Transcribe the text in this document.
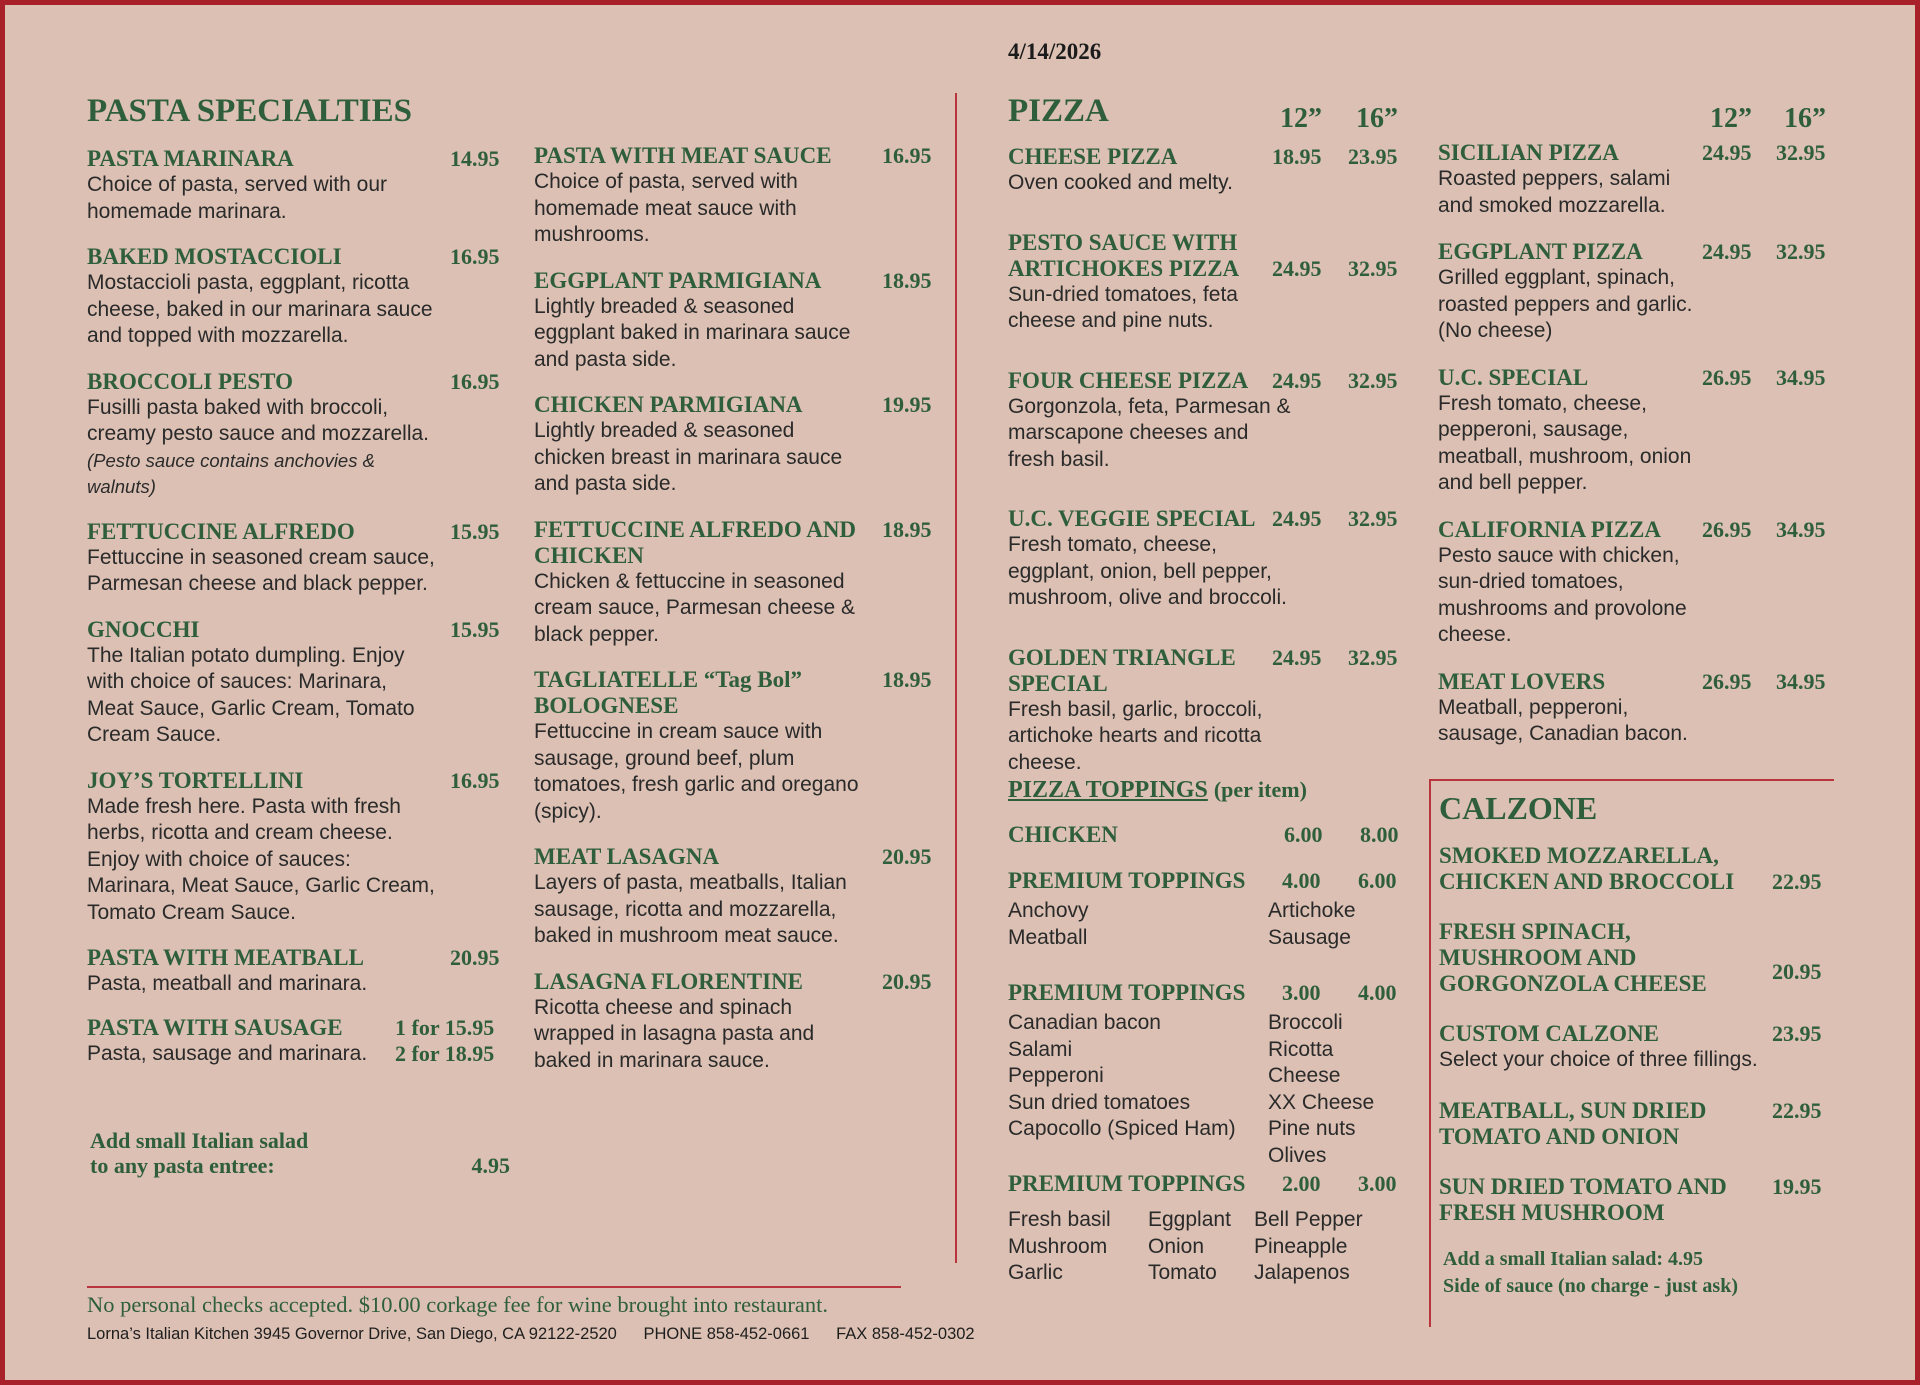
4/14/2026
PASTA SPECIALTIES
PASTA MARINARA	14.95
Choice of pasta, served with our homemade marinara.
BAKED MOSTACCIOLI	16.95
Mostaccioli pasta, eggplant, ricotta cheese, baked in our marinara sauce and topped with mozzarella.
BROCCOLI PESTO	16.95
Fusilli pasta baked with broccoli, creamy pesto sauce and mozzarella.
(Pesto sauce contains anchovies & walnuts)
FETTUCCINE ALFREDO	15.95
Fettuccine in seasoned cream sauce, Parmesan cheese and black pepper.
GNOCCHI	15.95
The Italian potato dumpling. Enjoy with choice of sauces: Marinara, Meat Sauce, Garlic Cream, Tomato Cream Sauce.
JOY’S TORTELLINI	16.95
Made fresh here. Pasta with fresh herbs, ricotta and cream cheese. Enjoy with choice of sauces: Marinara, Meat Sauce, Garlic Cream, Tomato Cream Sauce.
PASTA WITH MEATBALL	20.95
Pasta, meatball and marinara.
PASTA WITH SAUSAGE	1 for 15.95
Pasta, sausage and marinara.	2 for 18.95
Add small Italian salad
to any pasta entree:	4.95
PASTA WITH MEAT SAUCE	16.95
Choice of pasta, served with homemade meat sauce with mushrooms.
EGGPLANT PARMIGIANA	18.95
Lightly breaded & seasoned eggplant baked in marinara sauce and pasta side.
CHICKEN PARMIGIANA	19.95
Lightly breaded & seasoned chicken breast in marinara sauce and pasta side.
FETTUCCINE ALFREDO AND CHICKEN
18.95
Chicken & fettuccine in seasoned cream sauce, Parmesan cheese & black pepper.
TAGLIATELLE “Tag Bol” BOLOGNESE
18.95
Fettuccine in cream sauce with sausage, ground beef, plum tomatoes, fresh garlic and oregano (spicy).
MEAT LASAGNA	20.95
Layers of pasta, meatballs, Italian sausage, ricotta and mozzarella, baked in mushroom meat sauce.
LASAGNA FLORENTINE	20.95
Ricotta cheese and spinach wrapped in lasagna pasta and baked in marinara sauce.
No personal checks accepted. $10.00 corkage fee for wine brought into restaurant.
Lorna’s Italian Kitchen 3945 Governor Drive, San Diego, CA 92122-2520 PHONE 858-452-0661 FAX 858-452-0302
PIZZA	12” 16”
CHEESE PIZZA	18.95 23.95
Oven cooked and melty.
PESTO SAUCE WITH ARTICHOKES PIZZA	24.95 32.95
Sun-dried tomatoes, feta cheese and pine nuts.
FOUR CHEESE PIZZA	24.95 32.95
Gorgonzola, feta, Parmesan & marscapone cheeses and fresh basil.
U.C. VEGGIE SPECIAL 24.95 32.95
Fresh tomato, cheese, eggplant, onion, bell pepper, mushroom, olive and broccoli.
GOLDEN TRIANGLE SPECIAL
24.95 32.95
Fresh basil, garlic, broccoli, artichoke hearts and ricotta cheese.
12” 16”
SICILIAN PIZZA	24.95 32.95
Roasted peppers, salami and smoked mozzarella.
EGGPLANT PIZZA	24.95 32.95
Grilled eggplant, spinach, roasted peppers and garlic. (No cheese)
U.C. SPECIAL	26.95 34.95
Fresh tomato, cheese, pepperoni, sausage, meatball, mushroom, onion and bell pepper.
CALIFORNIA PIZZA	26.95 34.95
Pesto sauce with chicken, sun-dried tomatoes, mushrooms and provolone cheese.
MEAT LOVERS	26.95 34.95
Meatball, pepperoni, sausage, Canadian bacon.
PIZZA TOPPINGS (per item)
CHICKEN	6.00 8.00
PREMIUM TOPPINGS 4.00 6.00
Anchovy
Meatball
Artichoke
Sausage
PREMIUM TOPPINGS 3.00 4.00
Canadian bacon
Salami
Pepperoni
Sun dried tomatoes
Capocollo (Spiced Ham)
Broccoli
Ricotta Cheese
XX Cheese
Pine nuts
Olives
PREMIUM TOPPINGS 2.00 3.00
Fresh basil
Mushroom
Garlic
Eggplant
Onion
Tomato
Bell Pepper
Pineapple
Jalapenos
CALZONE
SMOKED MOZZARELLA, CHICKEN AND BROCCOLI	22.95
FRESH SPINACH, MUSHROOM AND GORGONZOLA CHEESE	20.95
CUSTOM CALZONE	23.95
Select your choice of three fillings.
MEATBALL, SUN DRIED TOMATO AND ONION
22.95
SUN DRIED TOMATO AND FRESH MUSHROOM
19.95
Add a small Italian salad: 4.95
Side of sauce (no charge - just ask)
